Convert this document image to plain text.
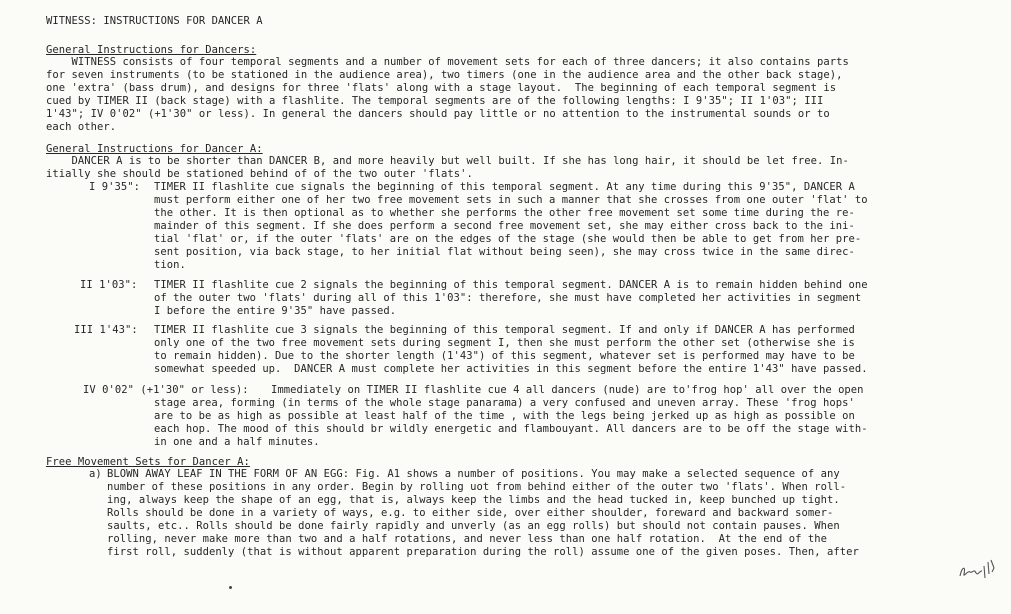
WITNESS: INSTRUCTIONS FOR DANCER A
General Instructions for Dancers:
WITNESS consists of four temporal segments and a number of movement sets for each of three dancers; it also contains parts
for seven instruments (to be stationed in the audience area), two timers (one in the audience area and the other back stage),
one 'extra' (bass drum), and designs for three 'flats' along with a stage layout.  The beginning of each temporal segment is
cued by TIMER II (back stage) with a flashlite. The temporal segments are of the following lengths: I 9'35"; II 1'03"; III
1'43"; IV 0'02" (+1'30" or less). In general the dancers should pay little or no attention to the instrumental sounds or to
each other.
General Instructions for Dancer A:
DANCER A is to be shorter than DANCER B, and more heavily but well built. If she has long hair, it should be let free. In-
itially she should be stationed behind of of the two outer 'flats'.
I 9'35": TIMER II flashlite cue signals the beginning of this temporal segment. At any time during this 9'35", DANCER A
must perform either one of her two free movement sets in such a manner that she crosses from one outer 'flat' to
the other. It is then optional as to whether she performs the other free movement set some time during the re-
mainder of this segment. If she does perform a second free movement set, she may either cross back to the ini-
tial 'flat' or, if the outer 'flats' are on the edges of the stage (she would then be able to get from her pre-
sent position, via back stage, to her initial flat without being seen), she may cross twice in the same direc-
tion.
II 1'03": TIMER II flashlite cue 2 signals the beginning of this temporal segment. DANCER A is to remain hidden behind one
of the outer two 'flats' during all of this 1'03": therefore, she must have completed her activities in segment
I before the entire 9'35" have passed.
III 1'43": TIMER II flashlite cue 3 signals the beginning of this temporal segment. If and only if DANCER A has performed
only one of the two free movement sets during segment I, then she must perform the other set (otherwise she is
to remain hidden). Due to the shorter length (1'43") of this segment, whatever set is performed may have to be
somewhat speeded up.  DANCER A must complete her activities in this segment before the entire 1'43" have passed.
IV 0'02" (+1'30" or less): Immediately on TIMER II flashlite cue 4 all dancers (nude) are to'frog hop' all over the open
stage area, forming (in terms of the whole stage panarama) a very confused and uneven array. These 'frog hops'
are to be as high as possible at least half of the time , with the legs being jerked up as high as possible on
each hop. The mood of this should br wildly energetic and flambouyant. All dancers are to be off the stage with-
in one and a half minutes.
Free Movement Sets for Dancer A:
a) BLOWN AWAY LEAF IN THE FORM OF AN EGG: Fig. A1 shows a number of positions. You may make a selected sequence of any
number of these positions in any order. Begin by rolling uot from behind either of the outer two 'flats'. When roll-
ing, always keep the shape of an egg, that is, always keep the limbs and the head tucked in, keep bunched up tight.
Rolls should be done in a variety of ways, e.g. to either side, over either shoulder, foreward and backward somer-
saults, etc.. Rolls should be done fairly rapidly and unverly (as an egg rolls) but should not contain pauses. When
rolling, never make more than two and a half rotations, and never less than one half rotation.  At the end of the
first roll, suddenly (that is without apparent preparation during the roll) assume one of the given poses. Then, after
